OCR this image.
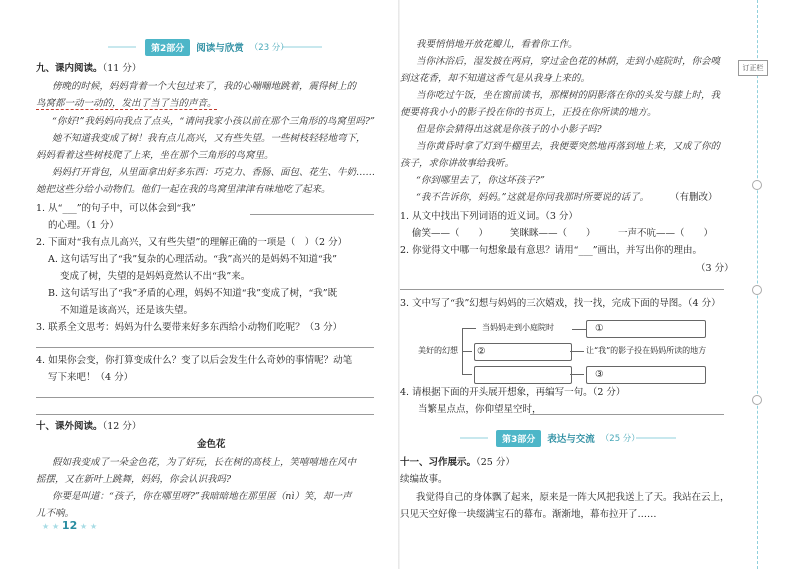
订正栏
第2部分	阅读与欣赏 （23 分）
九、课内阅读。（11 分）
傍晚的时候，妈妈背着一个大包过来了，我的心嘣嘣地跳着，震得树上的
鸟窝都一动一动的，发出了当了当的声音。
“你好!”我妈妈向我点了点头，“请问我家小孩以前在那个三角形的鸟窝里吗?”
她不知道我变成了树！我有点儿高兴，又有些失望。一些树枝轻轻地弯下，
妈妈看着这些树枝爬了上来，坐在那个三角形的鸟窝里。
妈妈打开背包，从里面拿出好多东西：巧克力、香肠、面包、花生、牛奶……
她把这些分给小动物们。他们一起在我的鸟窝里津津有味地吃了起来。
1. 从“___”的句子中，可以体会到“我”
的心理。（1 分）
2. 下面对“我有点儿高兴，又有些失望”的理解正确的一项是（　）（2 分）
A. 这句话写出了“我”复杂的心理活动。“我”高兴的是妈妈不知道“我”
变成了树，失望的是妈妈竟然认不出“我”来。
B. 这句话写出了“我”矛盾的心理，妈妈不知道“我”变成了树，“我”既
不知道是该高兴，还是该失望。
3. 联系全文思考：妈妈为什么要带来好多东西给小动物们吃呢？（3 分）
4. 如果你会变，你打算变成什么？变了以后会发生什么奇妙的事情呢？动笔
写下来吧！（4 分）
十、课外阅读。（12 分）
金色花
假如我变成了一朵金色花，为了好玩，长在树的高枝上，笑嘻嘻地在风中
摇摆，又在新叶上跳舞，妈妈，你会认识我吗?
你要是叫道：“孩子，你在哪里呀?”我暗暗地在那里匿（nì）笑，却一声
儿不响。
★ ★ 12 ★ ★
我要悄悄地开放花瓣儿，看着你工作。
当你沐浴后，湿发披在两肩，穿过金色花的林荫，走到小庭院时，你会嗅
到这花香，却不知道这香气是从我身上来的。
当你吃过午饭，坐在窗前读书，那棵树的阴影落在你的头发与膝上时，我
便要将我小小的影子投在你的书页上，正投在你所读的地方。
但是你会猜得出这就是你孩子的小小影子吗?
当你黄昏时拿了灯到牛棚里去，我便要突然地再落到地上来，又成了你的
孩子，求你讲故事给我听。
“你到哪里去了，你这坏孩子?”
“我不告诉你，妈妈。”这就是你同我那时所要说的话了。 （有删改）
1. 从文中找出下列词语的近义词。（3 分）
偷笑——（　　） 笑眯眯——（　　） 一声不吭——（　　）
2. 你觉得文中哪一句想象最有意思？请用“___”画出，并写出你的理由。
（3 分）
3. 文中写了“我”幻想与妈妈的三次嬉戏，找一找，完成下面的导图。（4 分）
美好的幻想
当妈妈走到小庭院时	①
②	让“我”的影子投在妈妈所读的地方
③
4. 请根据下面的开头展开想象，再编写一句。（2 分）
当繁星点点，你仰望星空时，
第3部分	表达与交流 （25 分）
十一、习作展示。（25 分）
续编故事。
我觉得自己的身体飘了起来，原来是一阵大风把我送上了天。我站在云上，
只见天空好像一块缀满宝石的幕布。渐渐地，幕布拉开了……
